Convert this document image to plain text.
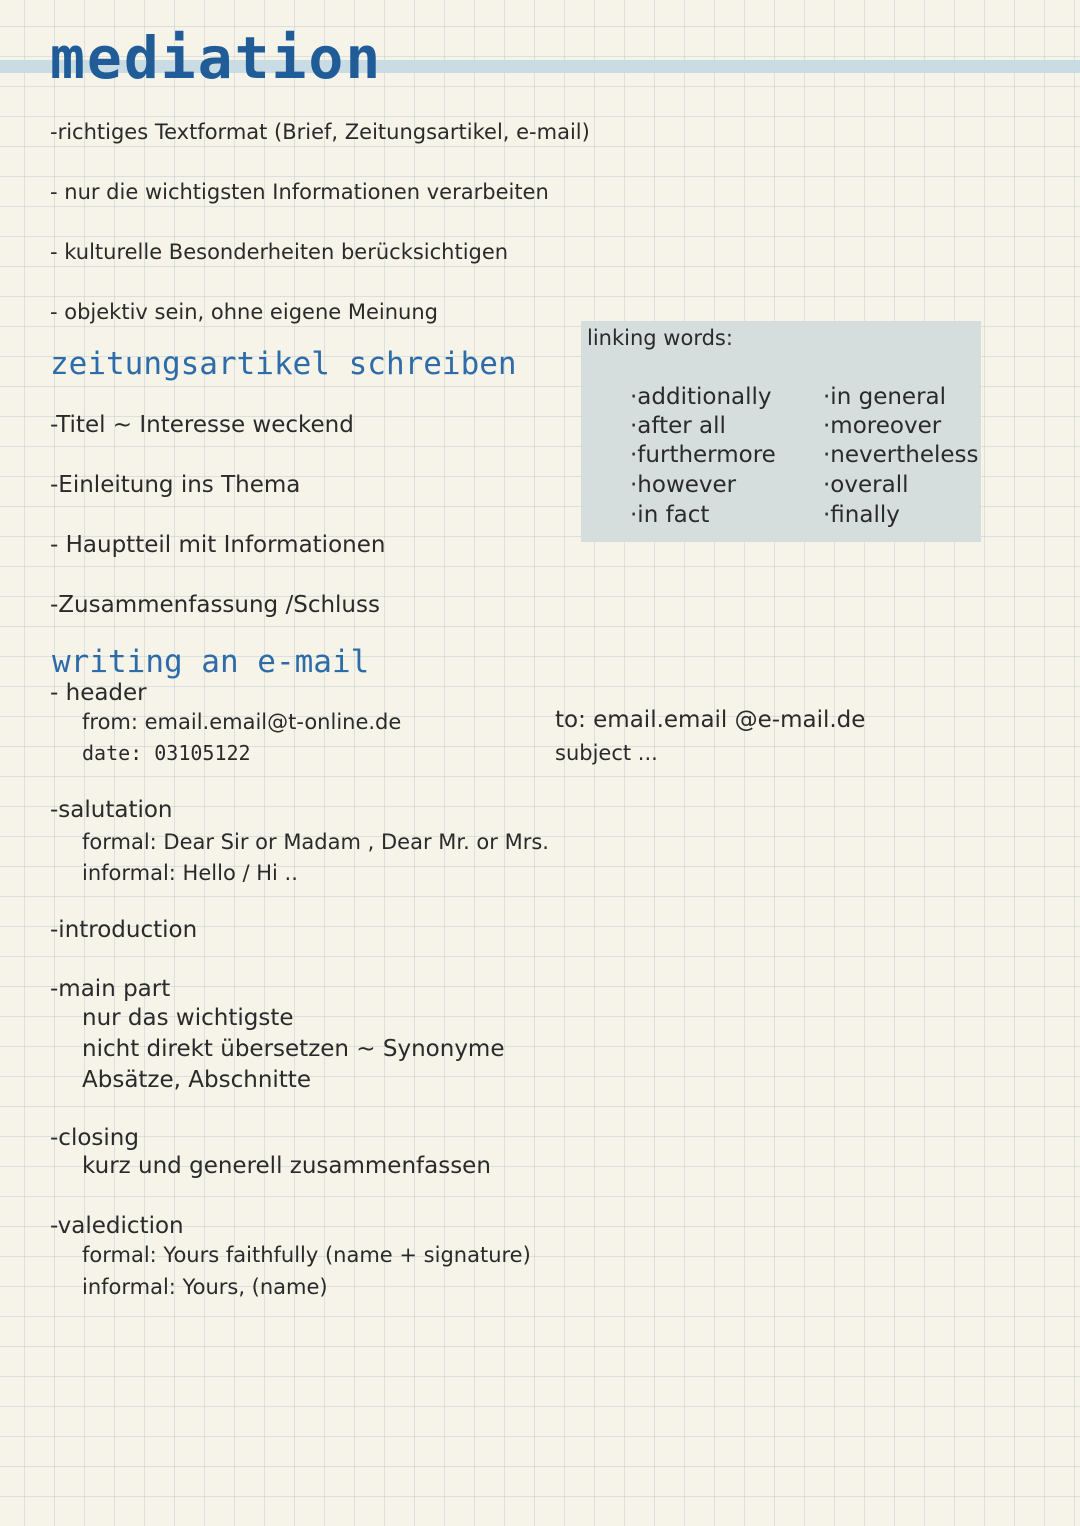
mediation
-richtiges Textformat (Brief, Zeitungsartikel, e-mail)
- nur die wichtigsten Informationen verarbeiten
- kulturelle Besonderheiten berücksichtigen
- objektiv sein, ohne eigene Meinung
zeitungsartikel schreiben
-Titel ~ Interesse weckend
-Einleitung ins Thema
- Hauptteil mit Informationen
-Zusammenfassung /Schluss
linking words:
·additionally
·after all
·furthermore
·however
·in fact
·in general
·moreover
·nevertheless
·overall
·finally
writing an e-mail
- header
from: email.email@t-online.de
date: 03105122
to: email.email @e-mail.de
subject ...
-salutation
formal: Dear Sir or Madam , Dear Mr. or Mrs.
informal: Hello / Hi ..
-introduction
-main part
nur das wichtigste
nicht direkt übersetzen ~ Synonyme
Absätze, Abschnitte
-closing
kurz und generell zusammenfassen
-valediction
formal: Yours faithfully (name + signature)
informal: Yours, (name)
